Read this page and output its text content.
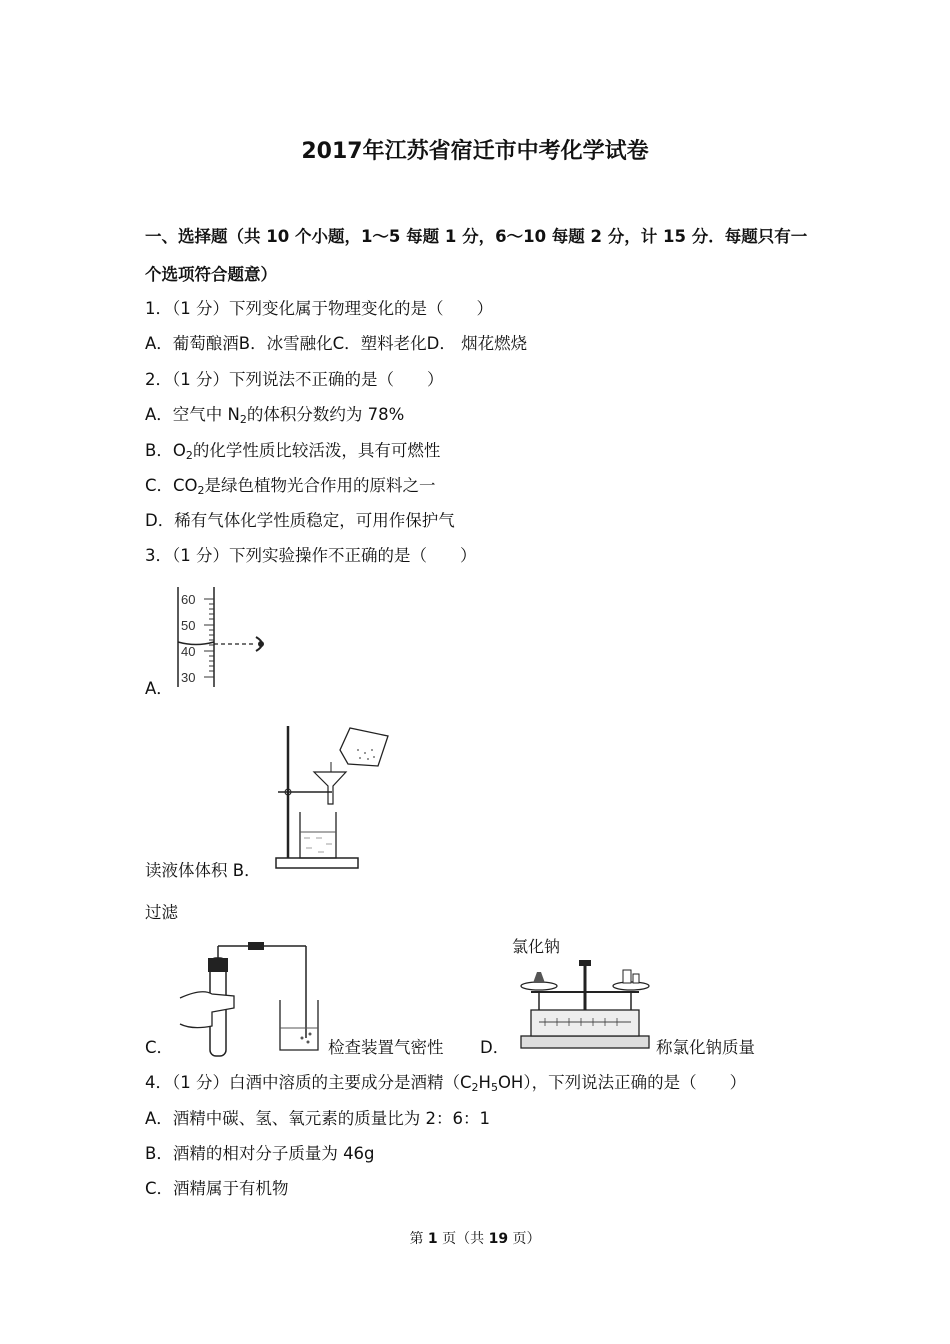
2017年江苏省宿迁市中考化学试卷
一、选择题（共 10 个小题，1～5 每题 1 分，6～10 每题 2 分，计 15 分．每题只有一
个选项符合题意）
1．（1 分）下列变化属于物理变化的是（　　）
A．葡萄酿酒B．冰雪融化C．塑料老化D． 烟花燃烧
2．（1 分）下列说法不正确的是（　　）
A．空气中 $N_2$的体积分数约为 78%
B．$O_2$的化学性质比较活泼，具有可燃性
C．$CO_2$是绿色植物光合作用的原料之一
D．稀有气体化学性质稳定，可用作保护气
3．（1 分）下列实验操作不正确的是（　　）
60
50
40
30
A．
读液体体积 B．
过滤
C．	检查装置气密性 D．
氯化钠
称氯化钠质量
4．（1 分）白酒中溶质的主要成分是酒精$(C_2H_5OH)$，下列说法正确的是（　　）
A．酒精中碳、氢、氧元素的质量比为 2：6：1
B．酒精的相对分子质量为 46g
C．酒精属于有机物
第 1 页（共 19 页）
